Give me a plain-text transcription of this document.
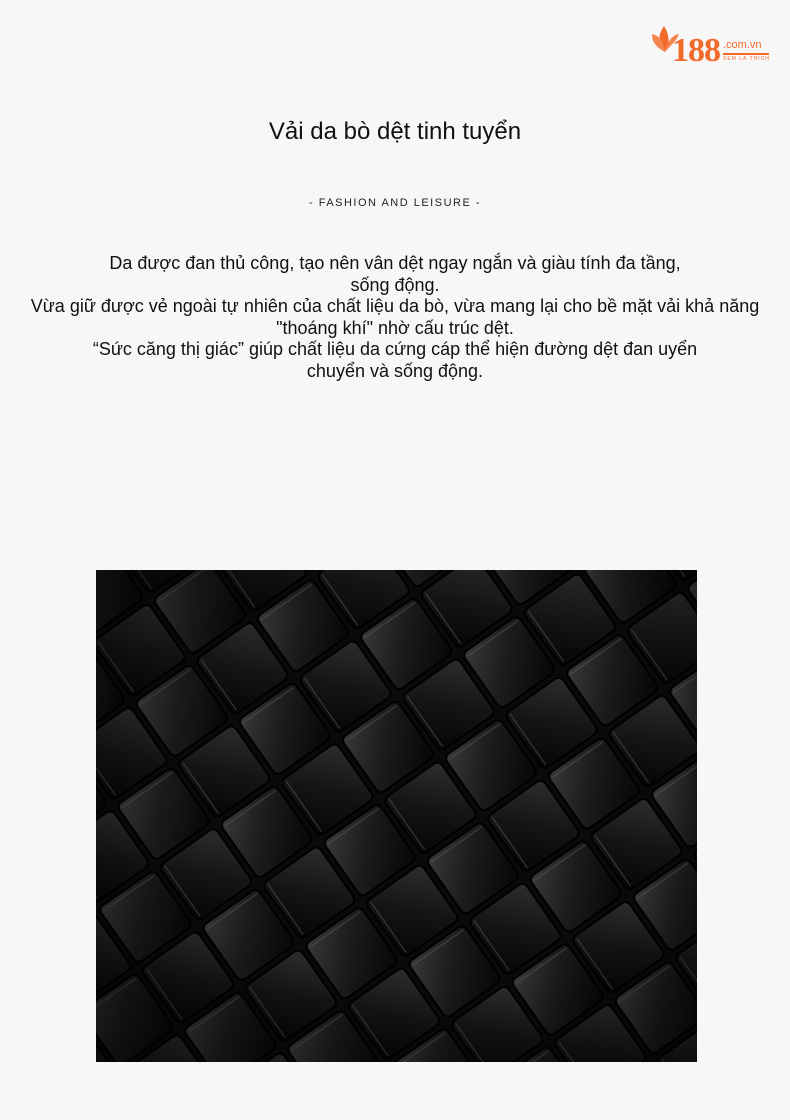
188 .com.vn
XEM LÀ THÍCH
Vải da bò dệt tinh tuyển
- FASHION AND LEISURE -

Da được đan thủ công, tạo nên vân dệt ngay ngắn và giàu tính đa tầng, sống động.

Vừa giữ được vẻ ngoài tự nhiên của chất liệu da bò, vừa mang lại cho bề mặt vải khả năng "thoáng khí" nhờ cấu trúc dệt.

“Sức căng thị giác” giúp chất liệu da cứng cáp thể hiện đường dệt đan uyển chuyển và sống động.
